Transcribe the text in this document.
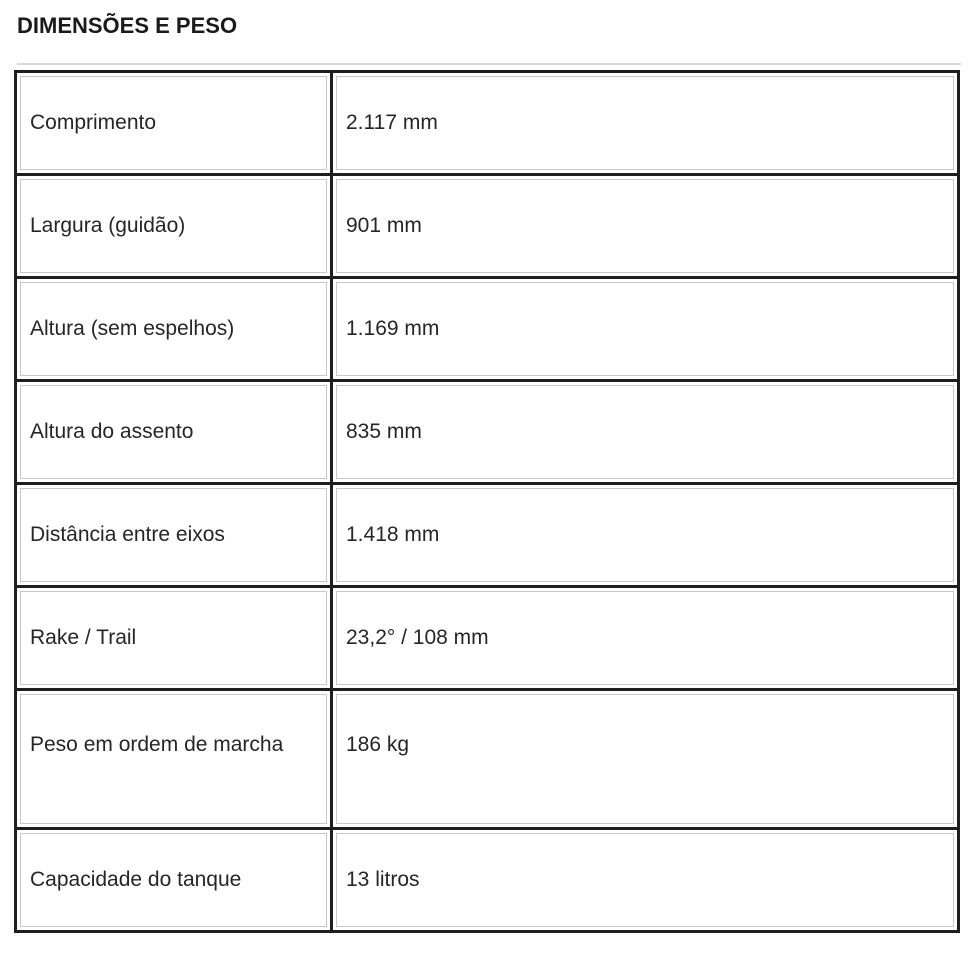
DIMENSÕES E PESO
Comprimento	2.117 mm

Largura (guidão)	901 mm

Altura (sem espelhos)	1.169 mm

Altura do assento	835 mm

Distância entre eixos	1.418 mm

Rake / Trail	23,2° / 108 mm

Peso em ordem de marcha	186 kg

Capacidade do tanque	13 litros
